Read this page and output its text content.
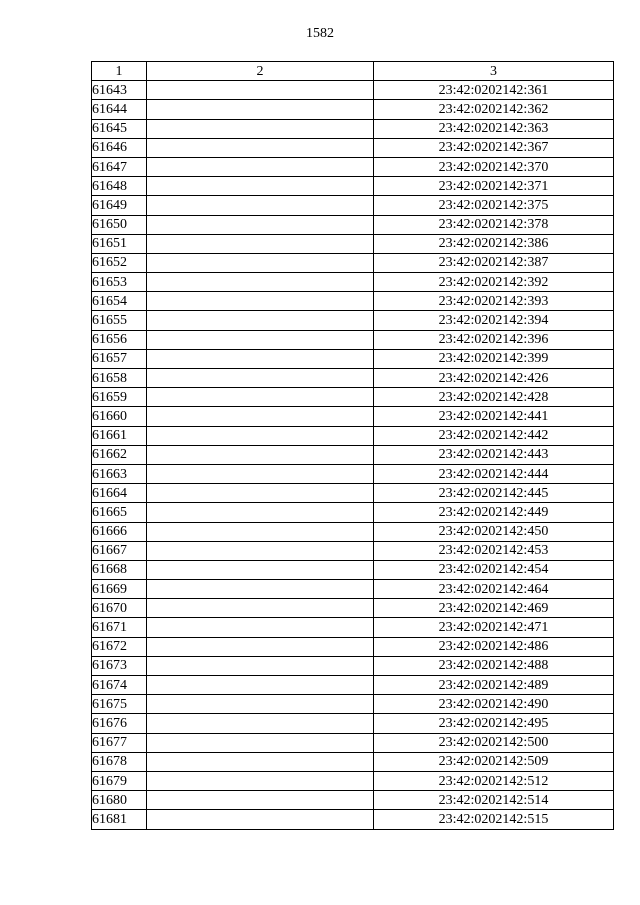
1582
1	2	3
61643		23:42:0202142:361
61644		23:42:0202142:362
61645		23:42:0202142:363
61646		23:42:0202142:367
61647		23:42:0202142:370
61648		23:42:0202142:371
61649		23:42:0202142:375
61650		23:42:0202142:378
61651		23:42:0202142:386
61652		23:42:0202142:387
61653		23:42:0202142:392
61654		23:42:0202142:393
61655		23:42:0202142:394
61656		23:42:0202142:396
61657		23:42:0202142:399
61658		23:42:0202142:426
61659		23:42:0202142:428
61660		23:42:0202142:441
61661		23:42:0202142:442
61662		23:42:0202142:443
61663		23:42:0202142:444
61664		23:42:0202142:445
61665		23:42:0202142:449
61666		23:42:0202142:450
61667		23:42:0202142:453
61668		23:42:0202142:454
61669		23:42:0202142:464
61670		23:42:0202142:469
61671		23:42:0202142:471
61672		23:42:0202142:486
61673		23:42:0202142:488
61674		23:42:0202142:489
61675		23:42:0202142:490
61676		23:42:0202142:495
61677		23:42:0202142:500
61678		23:42:0202142:509
61679		23:42:0202142:512
61680		23:42:0202142:514
61681		23:42:0202142:515
